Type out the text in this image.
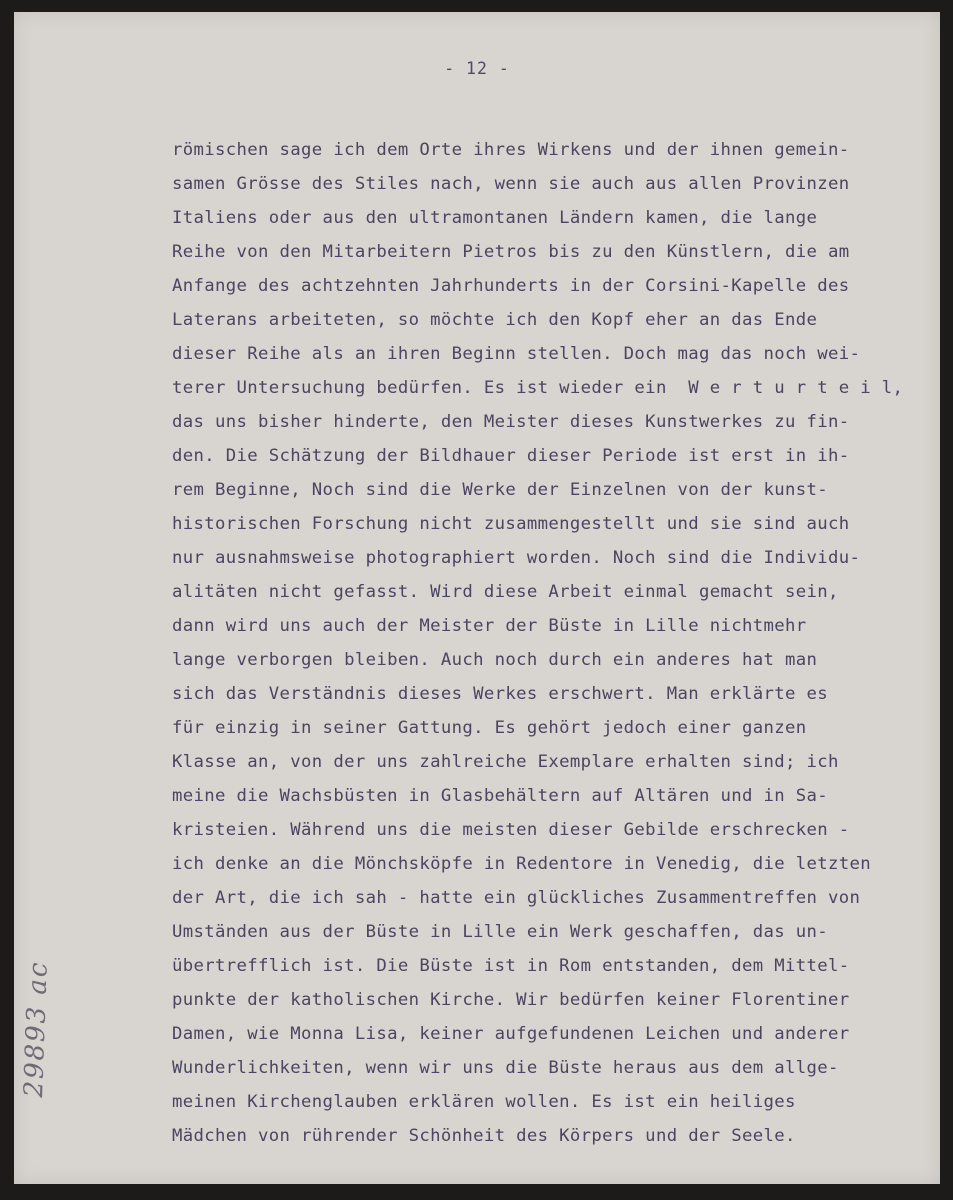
- 12 -
römischen sage ich dem Orte ihres Wirkens und der ihnen gemein-
samen Grösse des Stiles nach, wenn sie auch aus allen Provinzen
Italiens oder aus den ultramontanen Ländern kamen, die lange
Reihe von den Mitarbeitern Pietros bis zu den Künstlern, die am
Anfange des achtzehnten Jahrhunderts in der Corsini-Kapelle des
Laterans arbeiteten, so möchte ich den Kopf eher an das Ende
dieser Reihe als an ihren Beginn stellen. Doch mag das noch wei-
terer Untersuchung bedürfen. Es ist wieder ein  W e r t u r t e i l,
das uns bisher hinderte, den Meister dieses Kunstwerkes zu fin-
den. Die Schätzung der Bildhauer dieser Periode ist erst in ih-
rem Beginne, Noch sind die Werke der Einzelnen von der kunst-
historischen Forschung nicht zusammengestellt und sie sind auch
nur ausnahmsweise photographiert worden. Noch sind die Individu-
alitäten nicht gefasst. Wird diese Arbeit einmal gemacht sein,
dann wird uns auch der Meister der Büste in Lille nichtmehr
lange verborgen bleiben. Auch noch durch ein anderes hat man
sich das Verständnis dieses Werkes erschwert. Man erklärte es
für einzig in seiner Gattung. Es gehört jedoch einer ganzen
Klasse an, von der uns zahlreiche Exemplare erhalten sind; ich
meine die Wachsbüsten in Glasbehältern auf Altären und in Sa-
kristeien. Während uns die meisten dieser Gebilde erschrecken -
ich denke an die Mönchsköpfe in Redentore in Venedig, die letzten
der Art, die ich sah - hatte ein glückliches Zusammentreffen von
Umständen aus der Büste in Lille ein Werk geschaffen, das un-
übertrefflich ist. Die Büste ist in Rom entstanden, dem Mittel-
punkte der katholischen Kirche. Wir bedürfen keiner Florentiner
Damen, wie Monna Lisa, keiner aufgefundenen Leichen und anderer
Wunderlichkeiten, wenn wir uns die Büste heraus aus dem allge-
meinen Kirchenglauben erklären wollen. Es ist ein heiliges
Mädchen von rührender Schönheit des Körpers und der Seele.
29893 ac
